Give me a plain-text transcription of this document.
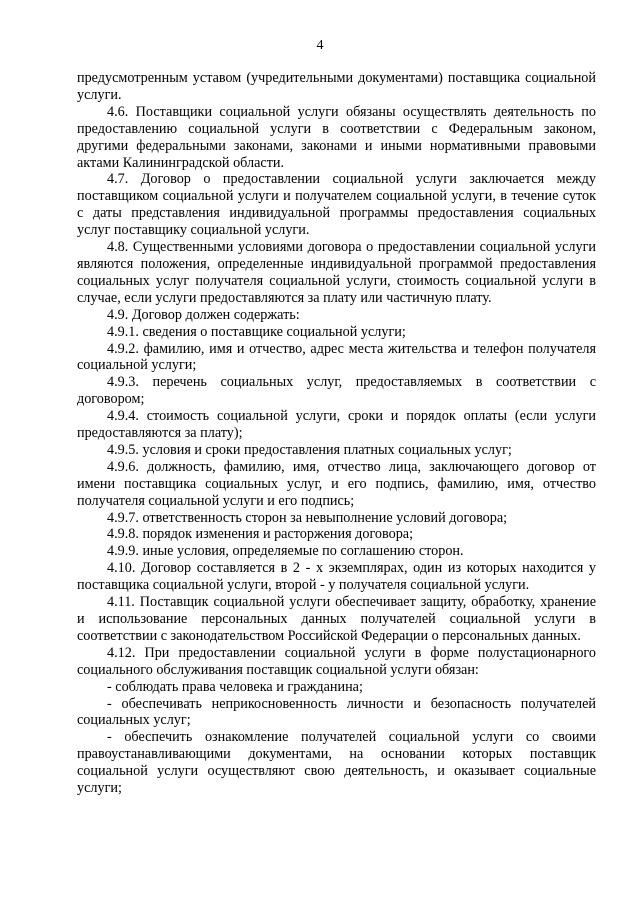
4

предусмотренным уставом (учредительными документами) поставщика социальной услуги.

4.6. Поставщики социальной услуги обязаны осуществлять деятельность по предоставлению социальной услуги в соответствии с Федеральным законом, другими федеральными законами, законами и иными нормативными правовыми актами Калининградской области.

4.7. Договор о предоставлении социальной услуги заключается между поставщиком социальной услуги и получателем социальной услуги, в течение суток с даты представления индивидуальной программы предоставления социальных услуг поставщику социальной услуги.

4.8. Существенными условиями договора о предоставлении социальной услуги являются положения, определенные индивидуальной программой предоставления социальных услуг получателя социальной услуги, стоимость социальной услуги в случае, если услуги предоставляются за плату или частичную плату.

4.9. Договор должен содержать:

4.9.1. сведения о поставщике социальной услуги;

4.9.2. фамилию, имя и отчество, адрес места жительства и телефон получателя социальной услуги;

4.9.3. перечень социальных услуг, предоставляемых в соответствии с договором;

4.9.4. стоимость социальной услуги, сроки и порядок оплаты (если услуги предоставляются за плату);

4.9.5. условия и сроки предоставления платных социальных услуг;

4.9.6. должность, фамилию, имя, отчество лица, заключающего договор от имени поставщика социальных услуг, и его подпись, фамилию, имя, отчество получателя социальной услуги и его подпись;

4.9.7. ответственность сторон за невыполнение условий договора;

4.9.8. порядок изменения и расторжения договора;

4.9.9. иные условия, определяемые по соглашению сторон.

4.10. Договор составляется в 2 - х экземплярах, один из которых находится у поставщика социальной услуги, второй - у получателя социальной услуги.

4.11. Поставщик социальной услуги обеспечивает защиту, обработку, хранение и использование персональных данных получателей социальной услуги в соответствии с законодательством Российской Федерации о персональных данных.

4.12. При предоставлении социальной услуги в форме полустационарного социального обслуживания поставщик социальной услуги обязан:

- соблюдать права человека и гражданина;

- обеспечивать неприкосновенность личности и безопасность получателей социальных услуг;

- обеспечить ознакомление получателей социальной услуги со своими правоустанавливающими документами, на основании которых поставщик социальной услуги осуществляют свою деятельность, и оказывает социальные услуги;
